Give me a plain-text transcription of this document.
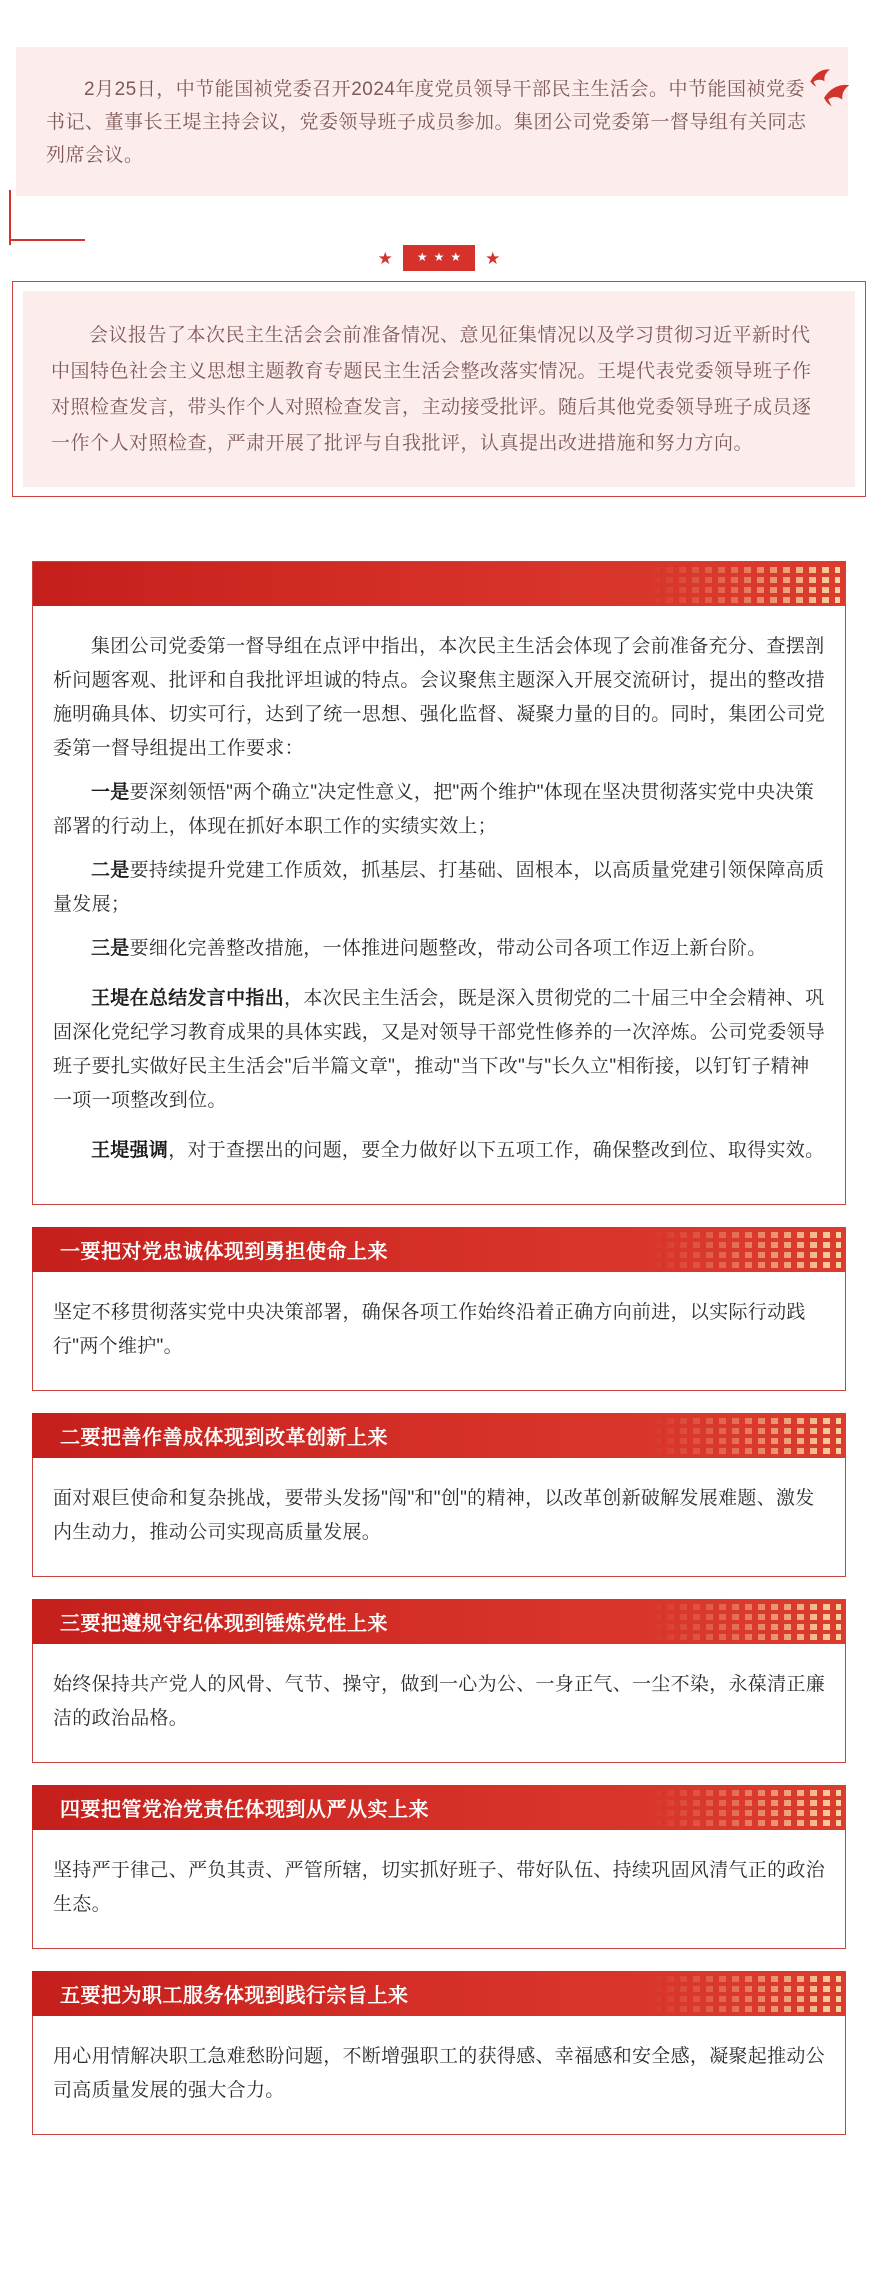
2月25日，中节能国祯党委召开2024年度党员领导干部民主生活会。中节能国祯党委书记、董事长王堤主持会议，党委领导班子成员参加。集团公司党委第一督导组有关同志列席会议。

★	★★★	★

会议报告了本次民主生活会会前准备情况、意见征集情况以及学习贯彻习近平新时代中国特色社会主义思想主题教育专题民主生活会整改落实情况。王堤代表党委领导班子作对照检查发言，带头作个人对照检查发言，主动接受批评。随后其他党委领导班子成员逐一作个人对照检查，严肃开展了批评与自我批评，认真提出改进措施和努力方向。

集团公司党委第一督导组在点评中指出，本次民主生活会体现了会前准备充分、查摆剖析问题客观、批评和自我批评坦诚的特点。会议聚焦主题深入开展交流研讨，提出的整改措施明确具体、切实可行，达到了统一思想、强化监督、凝聚力量的目的。同时，集团公司党委第一督导组提出工作要求：

一是要深刻领悟"两个确立"决定性意义，把"两个维护"体现在坚决贯彻落实党中央决策部署的行动上，体现在抓好本职工作的实绩实效上；

二是要持续提升党建工作质效，抓基层、打基础、固根本，以高质量党建引领保障高质量发展；

三是要细化完善整改措施，一体推进问题整改，带动公司各项工作迈上新台阶。

王堤在总结发言中指出，本次民主生活会，既是深入贯彻党的二十届三中全会精神、巩固深化党纪学习教育成果的具体实践，又是对领导干部党性修养的一次淬炼。公司党委领导班子要扎实做好民主生活会"后半篇文章"，推动"当下改"与"长久立"相衔接，以钉钉子精神一项一项整改到位。

王堤强调，对于查摆出的问题，要全力做好以下五项工作，确保整改到位、取得实效。

一要把对党忠诚体现到勇担使命上来

坚定不移贯彻落实党中央决策部署，确保各项工作始终沿着正确方向前进，以实际行动践行"两个维护"。

二要把善作善成体现到改革创新上来

面对艰巨使命和复杂挑战，要带头发扬"闯"和"创"的精神，以改革创新破解发展难题、激发内生动力，推动公司实现高质量发展。

三要把遵规守纪体现到锤炼党性上来

始终保持共产党人的风骨、气节、操守，做到一心为公、一身正气、一尘不染，永葆清正廉洁的政治品格。

四要把管党治党责任体现到从严从实上来

坚持严于律己、严负其责、严管所辖，切实抓好班子、带好队伍、持续巩固风清气正的政治生态。

五要把为职工服务体现到践行宗旨上来

用心用情解决职工急难愁盼问题，不断增强职工的获得感、幸福感和安全感，凝聚起推动公司高质量发展的强大合力。
